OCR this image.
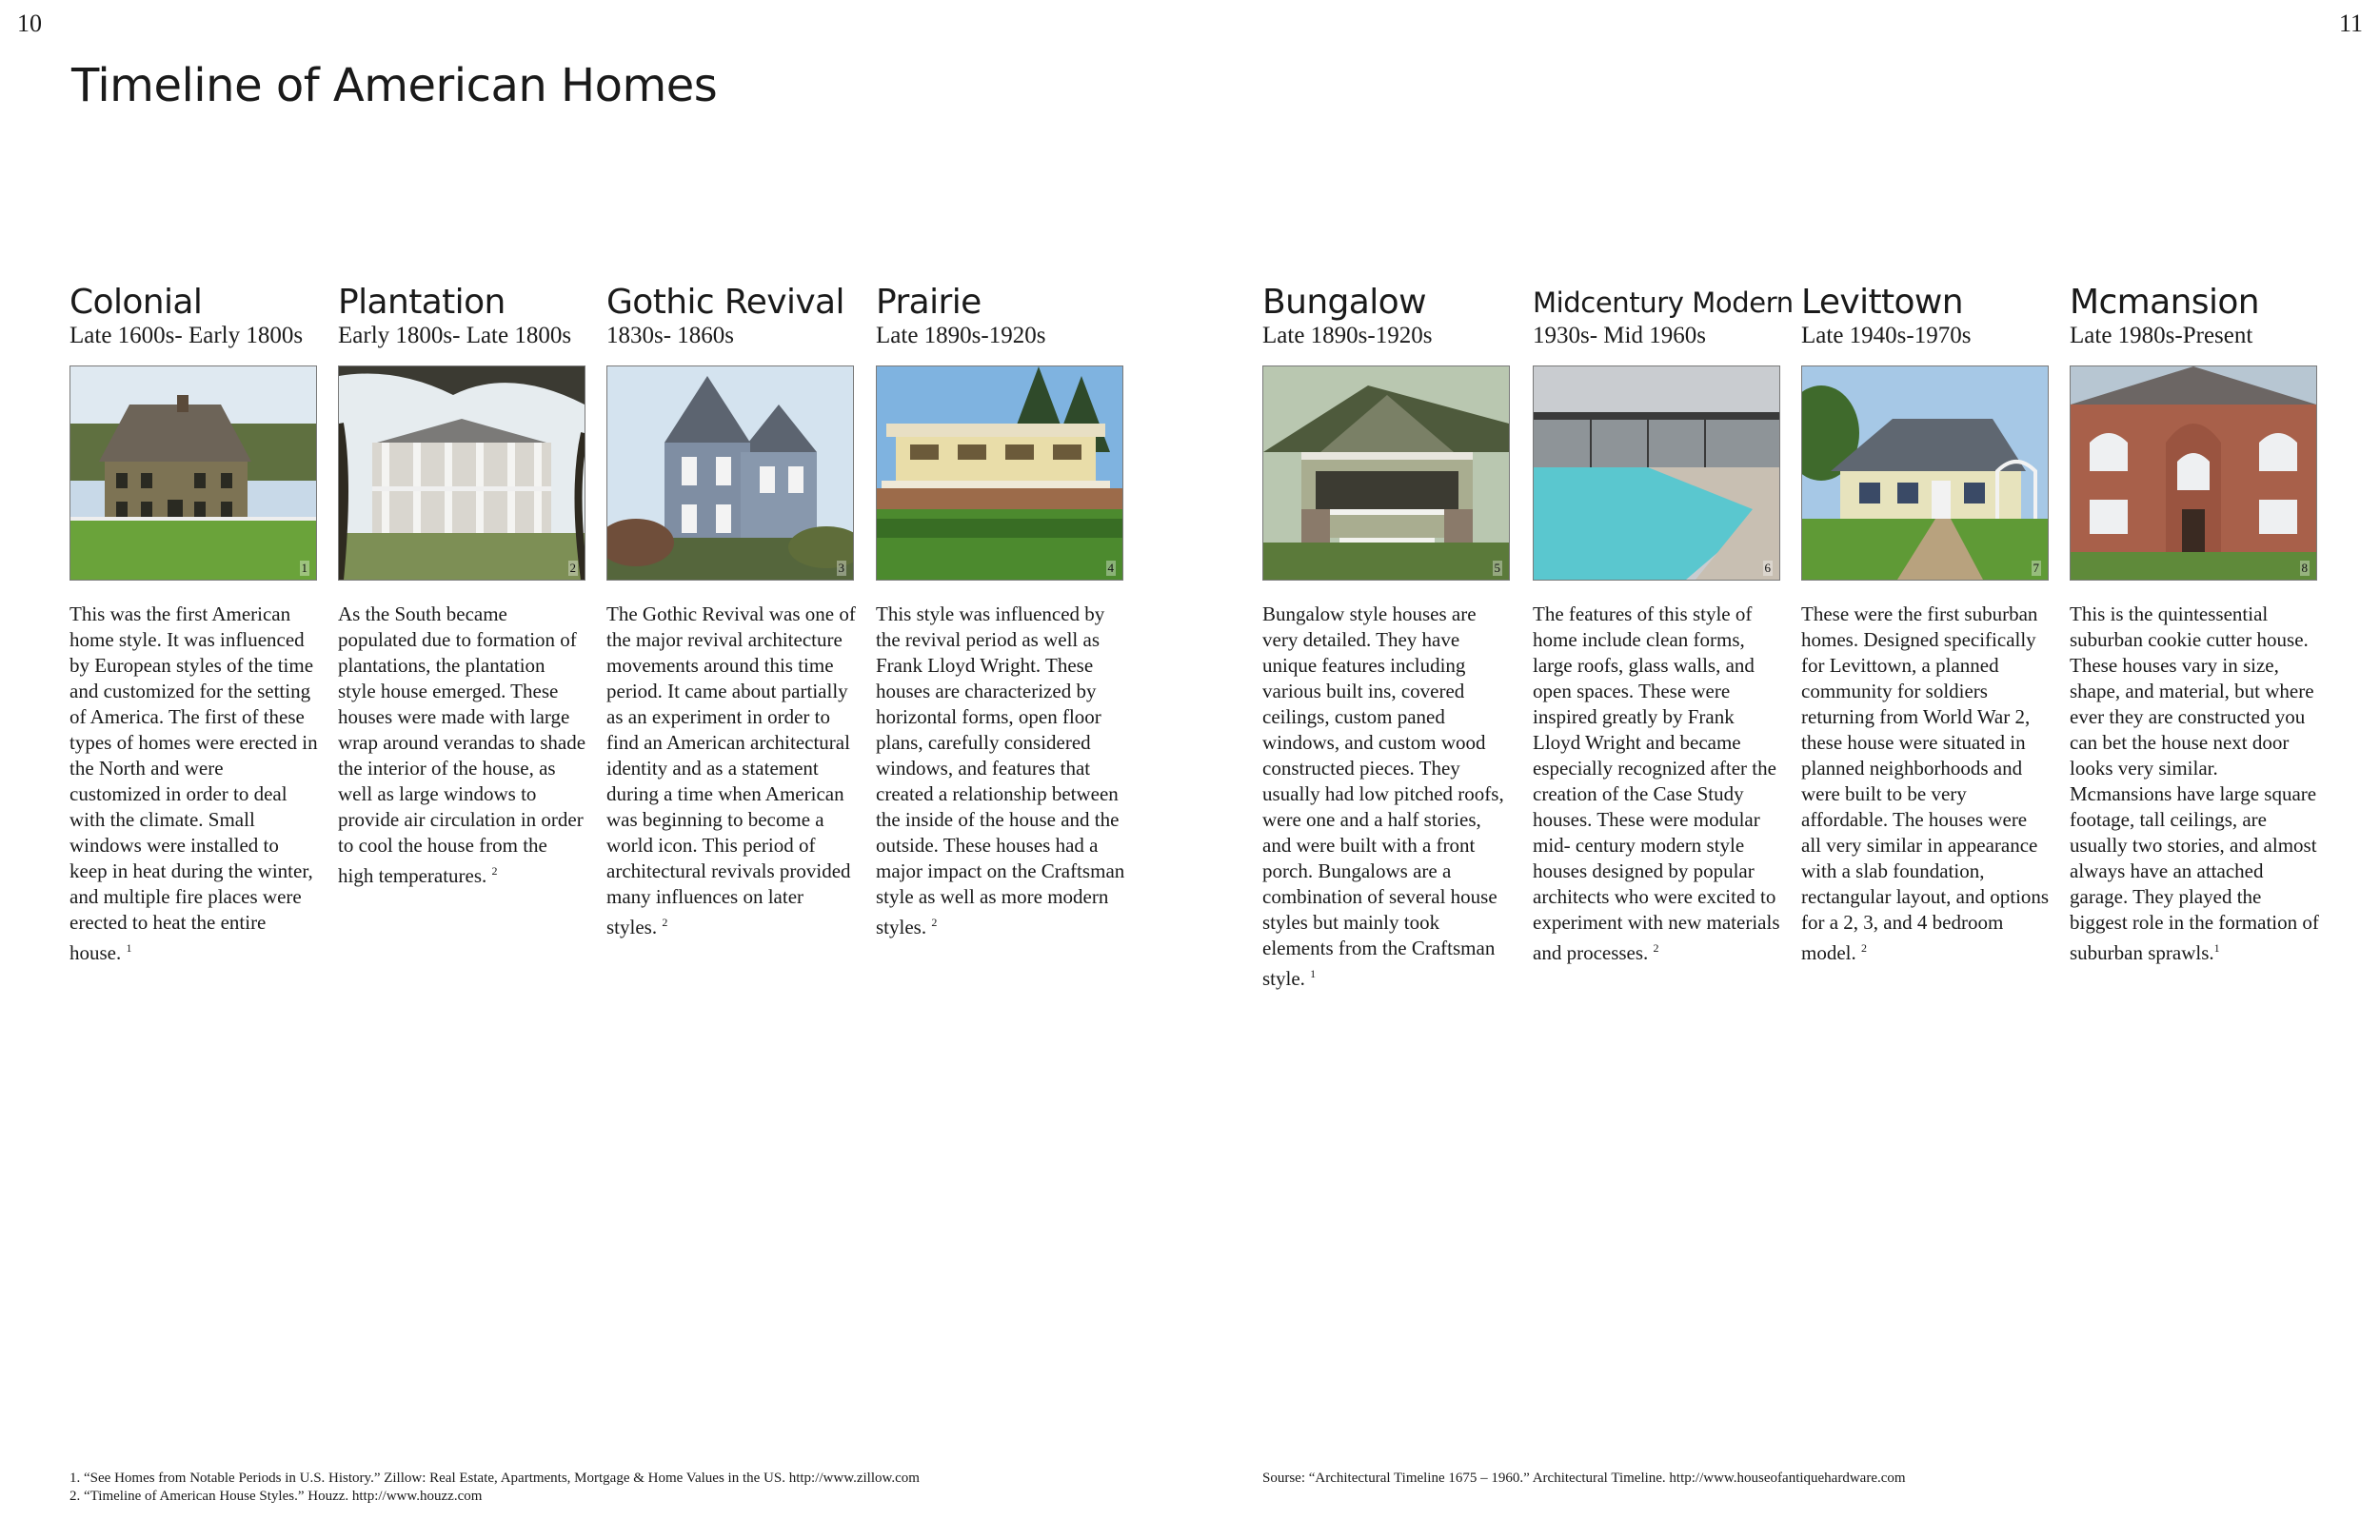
10	11
Timeline of American Homes
Colonial
Late 1600s- Early 1800s
1
This was the first American home style. It was influenced by European styles of the time and customized for the setting of America. The first of these types of homes were erected in the North and were customized in order to deal with the climate. Small windows were installed to keep in heat during the winter, and multiple fire places were erected to heat the entire house. $^1$
Plantation
Early 1800s- Late 1800s
2
As the South became populated due to formation of plantations, the plantation style house emerged. These houses were made with large wrap around verandas to shade the interior of the house, as well as large windows to provide air circulation in order to cool the house from the high temperatures. $^2$
Gothic Revival
1830s- 1860s
3
The Gothic Revival was one of the major revival architecture movements around this time period. It came about partially as an experiment in order to find an American architectural identity and as a statement during a time when American was beginning to become a world icon. This period of architectural revivals provided many influences on later styles. $^2$
Prairie
Late 1890s-1920s
4
This style was influenced by the revival period as well as Frank Lloyd Wright. These houses are characterized by horizontal forms, open floor plans, carefully considered windows, and features that created a relationship between the inside of the house and the outside. These houses had a major impact on the Craftsman style as well as more modern styles. $^2$
Bungalow
Late 1890s-1920s
5
Bungalow style houses are very detailed. They have unique features including various built ins, covered ceilings, custom paned windows, and custom wood constructed pieces. They usually had low pitched roofs, were one and a half stories, and were built with a front porch. Bungalows are a combination of several house styles but mainly took elements from the Craftsman style. $^1$
Midcentury Modern
1930s- Mid 1960s
6
The features of this style of home include clean forms, large roofs, glass walls, and open spaces. These were inspired greatly by Frank Lloyd Wright and became especially recognized after the creation of the Case Study houses. These were modular mid- century modern style houses designed by popular architects who were excited to experiment with new materials and processes. $^2$
Levittown
Late 1940s-1970s
7
These were the first suburban homes. Designed specifically for Levittown, a planned community for soldiers returning from World War 2, these house were situated in planned neighborhoods and were built to be very affordable. The houses were all very similar in appearance with a slab foundation, rectangular layout, and options for a 2, 3, and 4 bedroom model. $^2$
Mcmansion
Late 1980s-Present
8
This is the quintessential suburban cookie cutter house. These houses vary in size, shape, and material, but where ever they are constructed you can bet the house next door looks very similar. Mcmansions have large square footage, tall ceilings, are usually two stories, and almost always have an attached garage. They played the biggest role in the formation of suburban sprawls.$^1$

1. “See Homes from Notable Periods in U.S. History.” Zillow: Real Estate, Apartments, Mortgage & Home Values in the US. http://www.zillow.com

2. “Timeline of American House Styles.” Houzz. http://www.houzz.com

Sourse: “Architectural Timeline 1675 – 1960.” Architectural Timeline. http://www.houseofantiquehardware.com
